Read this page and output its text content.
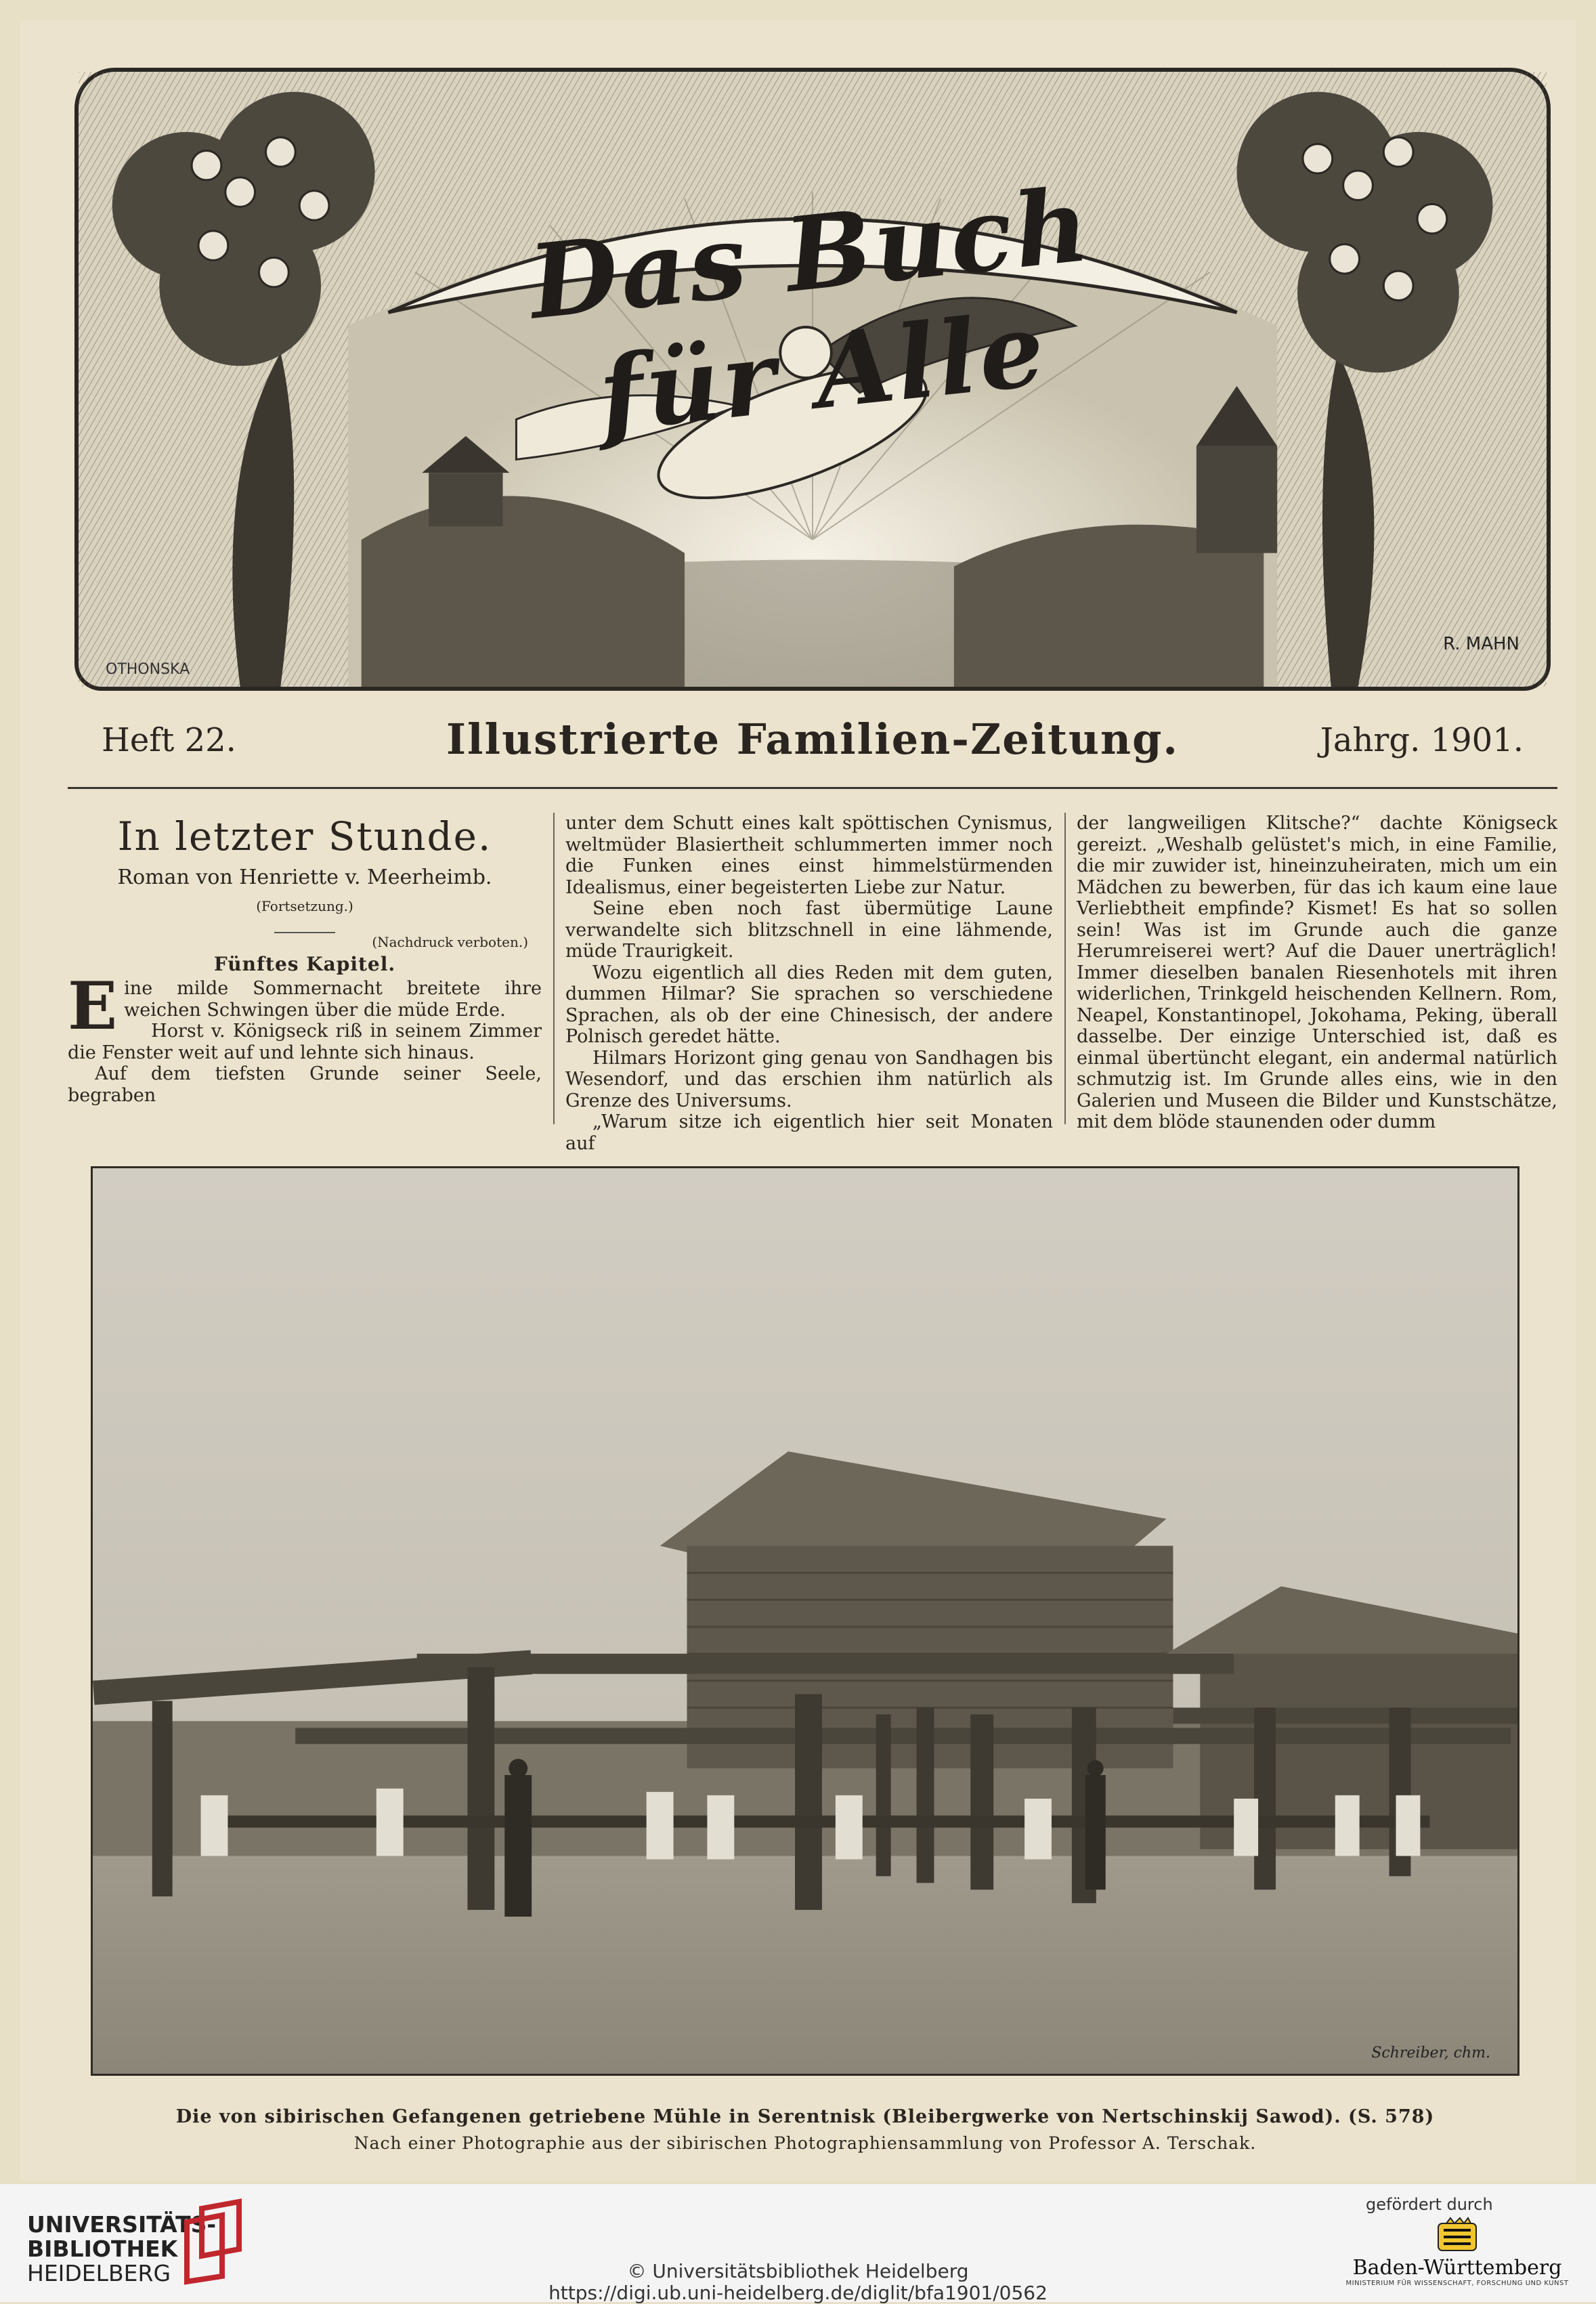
Das Buch für Alle
OTHONSKA
R. MAHN
Heft 22.	Illustrierte Familien-Zeitung.	Jahrg. 1901.
In letzter Stunde.
Roman von Henriette v. Meerheimb.
(Fortsetzung.)
(Nachdruck verboten.)
Fünftes Kapitel.

Eine milde Sommernacht breitete ihre weichen Schwingen über die müde Erde.

Horst v. Königseck riß in seinem Zimmer die Fenster weit auf und lehnte sich hinaus.

Auf dem tiefsten Grunde seiner Seele, begraben

unter dem Schutt eines kalt spöttischen Cynismus, weltmüder Blasiertheit schlummerten immer noch die Funken eines einst himmelstürmenden Idealismus, einer begeisterten Liebe zur Natur.

Seine eben noch fast übermütige Laune verwandelte sich blitzschnell in eine lähmende, müde Traurigkeit.

Wozu eigentlich all dies Reden mit dem guten, dummen Hilmar? Sie sprachen so verschiedene Sprachen, als ob der eine Chinesisch, der andere Polnisch geredet hätte.

Hilmars Horizont ging genau von Sandhagen bis Wesendorf, und das erschien ihm natürlich als Grenze des Universums.

„Warum sitze ich eigentlich hier seit Monaten auf

der langweiligen Klitsche?“ dachte Königseck gereizt. „Weshalb gelüstet's mich, in eine Familie, die mir zuwider ist, hineinzuheiraten, mich um ein Mädchen zu bewerben, für das ich kaum eine laue Verliebtheit empfinde? Kismet! Es hat so sollen sein! Was ist im Grunde auch die ganze Herumreiserei wert? Auf die Dauer unerträglich! Immer dieselben banalen Riesenhotels mit ihren widerlichen, Trinkgeld heischenden Kellnern. Rom, Neapel, Konstantinopel, Jokohama, Peking, überall dasselbe. Der einzige Unterschied ist, daß es einmal übertüncht elegant, ein andermal natürlich schmutzig ist. Im Grunde alles eins, wie in den Galerien und Museen die Bilder und Kunstschätze, mit dem blöde staunenden oder dumm

Schreiber, chm.
Die von sibirischen Gefangenen getriebene Mühle in Serentnisk (Bleibergwerke von Nertschinskij Sawod). (S. 578)
Nach einer Photographie aus der sibirischen Photographiensammlung von Professor A. Terschak.
UNIVERSITÄTS-
BIBLIOTHEK
HEIDELBERG	© Universitätsbibliothek Heidelberg
https://digi.ub.uni-heidelberg.de/diglit/bfa1901/0562
gefördert durch
Baden-Württemberg
MINISTERIUM FÜR WISSENSCHAFT, FORSCHUNG UND KUNST
